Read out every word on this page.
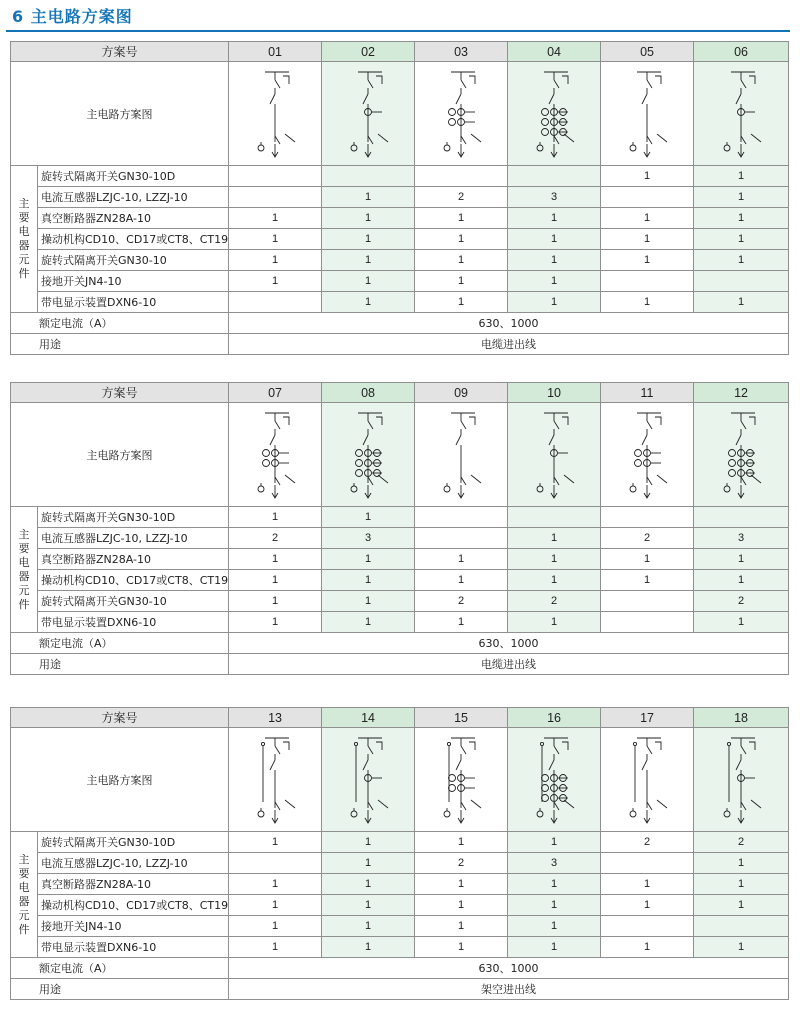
6 主电路方案图
方案号		01	02	03	04	05	06
主电路方案图	

主要电器元件	旋转式隔离开关GN30-10D					1	1
	电流互感器LZJC-10, LZZJ-10		1	2	3		1
	真空断路器ZN28A-10	1	1	1	1	1	1
	操动机构CD10、CD17或CT8、CT19	1	1	1	1	1	1
	旋转式隔离开关GN30-10	1	1	1	1	1	1
	接地开关JN4-10	1	1	1	1		
	带电显示装置DXN6-10		1	1	1	1	1
额定电流（A）		630、1000					
用途		电缆进出线					
方案号		07	08	09	10	11	12
主电路方案图	

主要电器元件	旋转式隔离开关GN30-10D	1	1				
	电流互感器LZJC-10, LZZJ-10	2	3		1	2	3
	真空断路器ZN28A-10	1	1	1	1	1	1
	操动机构CD10、CD17或CT8、CT19	1	1	1	1	1	1
	旋转式隔离开关GN30-10	1	1	2	2		2
	带电显示装置DXN6-10	1	1	1	1		1
额定电流（A）		630、1000					
用途		电缆进出线					
方案号		13	14	15	16	17	18
主电路方案图	

主要电器元件	旋转式隔离开关GN30-10D	1	1	1	1	2	2
	电流互感器LZJC-10, LZZJ-10		1	2	3		1
	真空断路器ZN28A-10	1	1	1	1	1	1
	操动机构CD10、CD17或CT8、CT19	1	1	1	1	1	1
	接地开关JN4-10	1	1	1	1		
	带电显示装置DXN6-10	1	1	1	1	1	1
额定电流（A）		630、1000					
用途		架空进出线					
